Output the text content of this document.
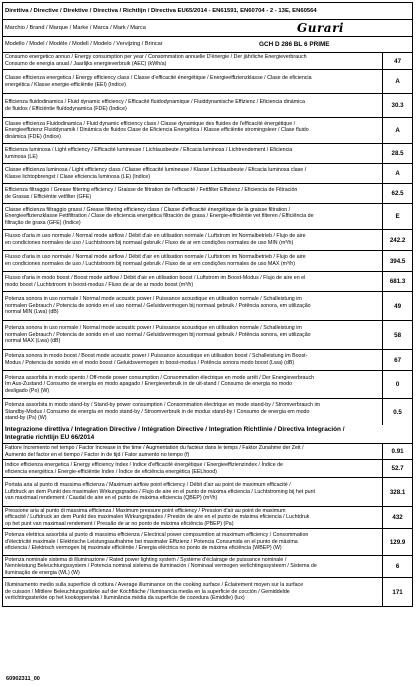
Direttiva / Directive / Direktive / Directiva / Richtlijn / Directiva EU65/2014 - EN61591, EN60704 - 2 - 13E, EN60564
Marchio / Brand / Marque / Marke / Marca / Mark / Marca	Gurari
Modello / Model / Modèle / Modell / Modelo / Vervijzing / Brincar	GCH D 286 BL 6 PRIME
Consumo energetico annuo / Energy consumption per year / Consommation annuelle D'énergie / Der jährliche Energieverbrauch
Consumo de energía anual / Jaarlijks energieverbruik (AEC) (kWh/a)	47
Classe efficienza energetica / Energy efficiency class / Classe d'efficacité énergétique / Energieeffizienzklasse / Clase de eficiencia
energética / Klasse energie-efficiëntie (EEI) (Indice)	A
Efficienza fluidodinamica / Fluid dynamic efficiency / Efficacité fluidodynamique / Fluiddynamische Effizienz / Eficiencia dinámica
de fluidos / Efficiëntie fluïdodynamica (FDE) (Indice)	30.3
Classe efficienza Fluidodinamica / Fluid dynamic efficiency class / Classe dynamique des fluides de l'efficacité énergétique /
Energieeffizienz Fluiddynamik / Dinámica de fluidos Clase de Eficiencia Energética / Klasse efficiëntie stromingsleer / Clase fluido
dinámica (FDE) (Indice)
A
Efficienza luminosa / Light efficiency / Efficacité lumineuse / Lichtausbeute / Eficacia luminosa / Lichtrendement / Eficiencia
luminosa (LE)	28.5
Classe efficienza luminosa / Light efficiency class / Classe efficacité lumineuse / Klasse Lichtausbeute / Eficacia luminosa clase /
Klasse lichtopbrengst / Clase eficiencia luminosa (LE) (Indice)	A
Efficienza filtraggio / Grease filtering efficiency / Graisse de filtration de l'efficacité / Fettfilter Effizienz / Eficiencia de Filtración
de Grasas / Efficiëntie vetfilter (GFE)	62.5
Classe efficienza filtraggio grassi / Grease filtering efficiency class / Classe d'efficacité énergétique de la graisse filtration /
Energieeffizienzklasse Fettfiltration / Clase de eficiencia energética filtración de grasa / Energie-efficiëntie vet filteren / Efficiência de
filtração de graxa (GFE) (Indice)
E
Flusso d'aria in uso normale / Normal mode airflow / Débit d'air en utilisation normale / Luftstrom im Normalbetrieb / Flujo de aire
en condiciones normales de uso / Luchtstroom bij normaal gebruik / Fluxo de ar em condições normales de uso MIN (m³/h)	242.2
Flusso d'aria in uso normale / Normal mode airflow / Débit d'air en utilisation normale / Luftstrom im Normalbetrieb / Flujo de aire
en condiciones normales de uso / Luchtstroom bij normaal gebruik / Fluxo de ar em condições normales de uso MAX (m³/h)	394.5
Flusso d'aria in modo boost / Boost mode airflow / Débit d'air en utilisation boost / Luftstrom im Boost-Modus / Flujo de aire en el
modo boost / Luchtstroom in boost-modus / Fluxo de ar de ar modo boost (m³/h)	681.3
Potenza sonora in uso normale / Normal mode acoustic power / Puissance acoustique en utilisation normale / Schalleistung im
normalen Gebrauch / Potencia de sonido en el uso normal / Geluidsvermogen bij normaal gebruik / Potência sonora, em utilização
normal MIN (Lwa) (dB)
49
Potenza sonora in uso normale / Normal mode acoustic power / Puissance acoustique en utilisation normale / Schalleistung im
normalen Gebrauch / Potencia de sonido en el uso normal / Geluidsvermogen bij normaal gebruik / Potência sonora, em utilização
normal MAX (Lwa) (dB)
58
Potenza sonora in modo boost / Boost mode acoustic power / Puissance acoustique en utilisation boost / Schalleistung im Boost-
Modus / Potencia de sonido en el modo boost / Geluidsvermogen in boost-modus / Potência sonora modo boost (Lwa) (dB)	67
Potenza assorbita in modo spento / Off-mode power consumption / Consommation électrique en mode arrêt / Der Energieverbrauch
Im Aus-Zustand / Consumo de energía en modo apagado / Energieverbruik in de uit-stand / Consumo de energia no modo
desligado (Po) (W)
0
Potenza assorbita in modo stand-by / Stand-by power consumption / Consommation électrique en mode stand-by / Stromverbrauch im
Standby-Modus / Consumo de energía en modo stand-by / Stroomverbruik in de modus stand-by / Consumo de energia em modo
stand-by (Ps) (W)
0.5
Integrazione direttiva / Integration Directive / Intégration Directive / Integration Richtlinie / Directiva Integración /
Integratie richtlijn EU 66/2014
Fattore Incremento nel tempo / Factor Increase in the time / Augmentation du facteur dans le temps / Faktor Zunahme der Zeit /
Aumento del factor en el tiempo / Factor in de tijd / Fator aumento no tempo (f)	0.91
Indice efficienza energetica / Energy efficiency Index / Indice d'efficacité énergétique / Energieeffizienzindex / Índice de
eficiencia energética / Energie-efficiëntie Index / Índice de eficiência energética (EELhood)	52.7
Portata aria al punto di massima efficienza / Maximum airflow point efficiency / Débit d'air au point de maximum efficacité /
Luftdruck an dem Punkt des maximalen Wirkungsgrades / Flujo de aire en el punto de máxima eficiencia / Luchtstroming bij het punt
van maximaal rendement / Caudal de aire en el punto de máxima eficiencia (QBEP) (m³/h)
328.1
Pressione aria al punto di massima efficienza / Maximum pressure point efficiency / Pression d'air au point de maximum
efficacité / Luftdruck an dem Punkt des maximalen Wirkungsgrades / Presión de aire en el punto de máxima eficiencia / Luchtdruk
op het punt van maximaal rendement / Pressão de ar no ponto de máxima eficiência (PBEP) (Pa)
432
Potenza elettrica assorbita al punto di massima efficienza / Electrical power compsumtion at maximum efficiency / Consommation
d'électricité maximale / Elektrische Leistungsaufnahme bei maximaler Effizienz / Potencia Consumida en el punto de máxima
eficiencia / Elektrisch vermogen bij maximale efficiëntie / Energia eléctrica no ponto de máxima eficiência (WBEP) (W)
129.9
Potenza nominale sistema di illuminazione / Rated power lighting system / Système d'éclairage de puissance nominale /
Nennleistung Beleuchtungssystem / Potencia nominal sistema de iluminación / Nominaal vermogen verlichtingssysteem / Sistema de
iluminação de energia (WL) (W)
6
Illuminamento medio sulla superficie di cottura / Average illuminance on the cooking surface / Éclairement moyen sur la surface
de cuisson / Mittlere Beleuchtungsstärke auf der Kochfläche / Iluminancia media en la superficie de cocción / Gemiddelde
verlichtingssterkte op het kookoppervlak / Iluminância média da superfície de cozedura (Emiddle) (lux)
171
60902311_00
